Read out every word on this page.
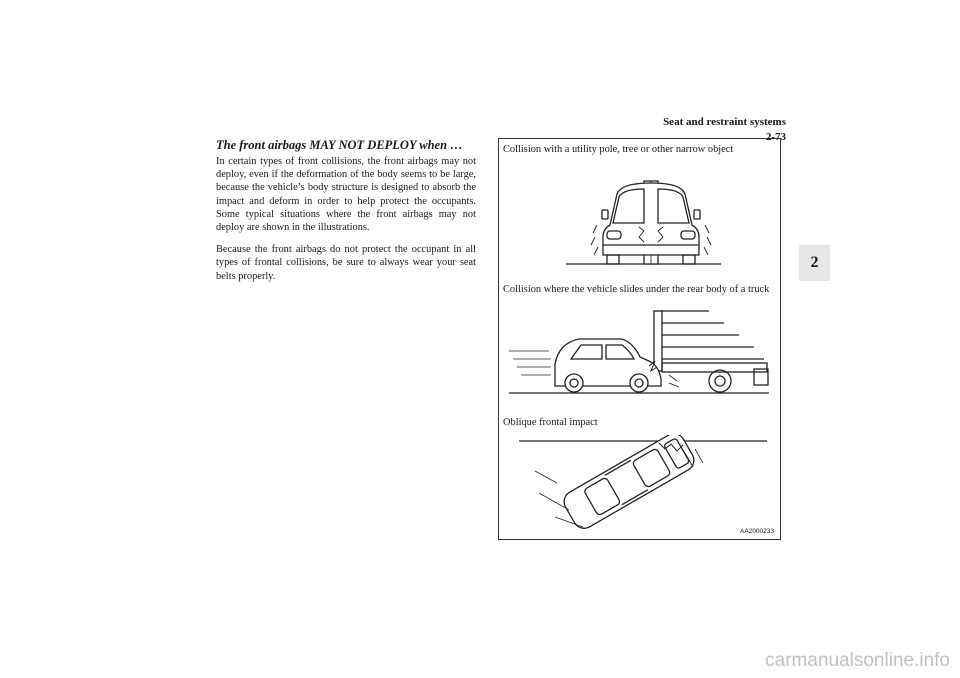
Seat and restraint systems
2-73
2
The front airbags MAY NOT DEPLOY when …

In certain types of front collisions, the front airbags may not deploy, even if the deformation of the body seems to be large, because the vehicle’s body structure is designed to absorb the impact and deform in order to help protect the occupants. Some typical situations where the front airbags may not deploy are shown in the illustrations.

Because the front airbags do not protect the occupant in all types of frontal collisions, be sure to always wear your seat belts properly.

Collision with a utility pole, tree or other narrow object
Collision where the vehicle slides under the rear body of a truck
Oblique frontal impact
AA2000233
carmanualsonline.info
